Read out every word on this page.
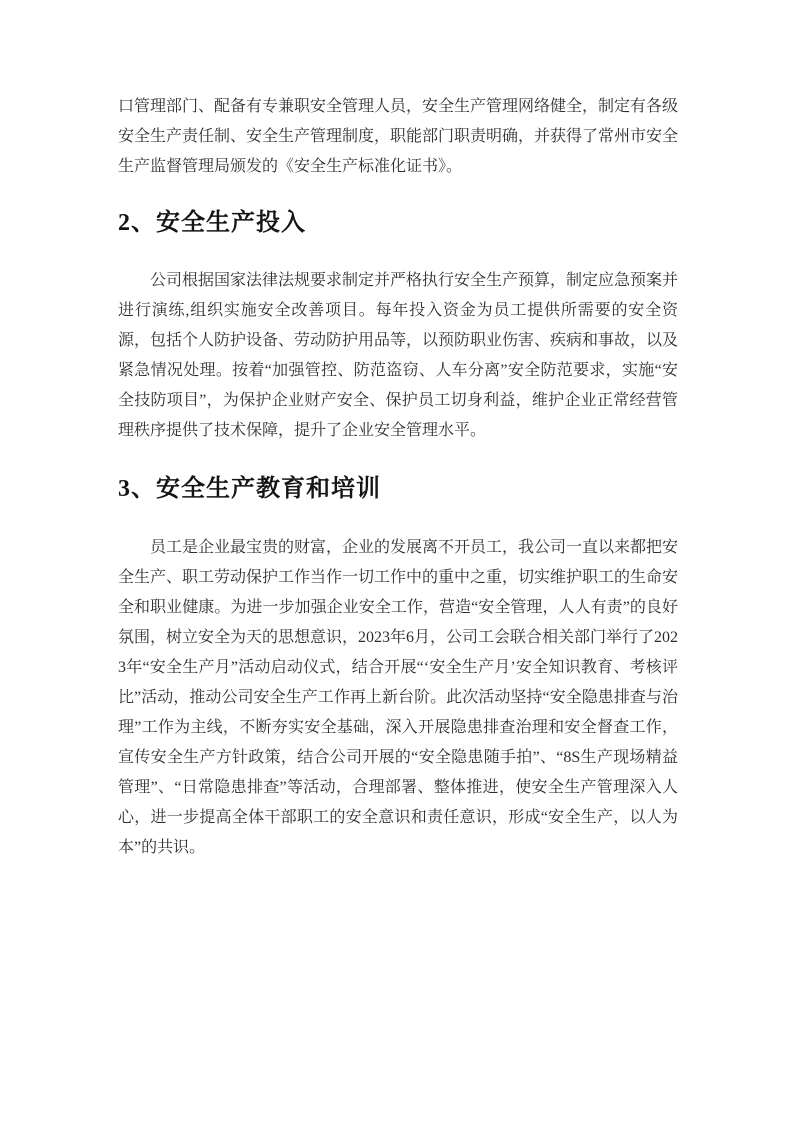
口管理部门、配备有专兼职安全管理人员，安全生产管理网络健全，制定有各级安全生产责任制、安全生产管理制度，职能部门职责明确，并获得了常州市安全生产监督管理局颁发的《安全生产标准化证书》。

2、安全生产投入

公司根据国家法律法规要求制定并严格执行安全生产预算，制定应急预案并进行演练,组织实施安全改善项目。每年投入资金为员工提供所需要的安全资源，包括个人防护设备、劳动防护用品等，以预防职业伤害、疾病和事故，以及紧急情况处理。按着“加强管控、防范盗窃、人车分离”安全防范要求，实施“安全技防项目”，为保护企业财产安全、保护员工切身利益，维护企业正常经营管理秩序提供了技术保障，提升了企业安全管理水平。

3、安全生产教育和培训

员工是企业最宝贵的财富，企业的发展离不开员工，我公司一直以来都把安全生产、职工劳动保护工作当作一切工作中的重中之重，切实维护职工的生命安全和职业健康。为进一步加强企业安全工作，营造“安全管理，人人有责”的良好氛围，树立安全为天的思想意识，2023年6月，公司工会联合相关部门举行了2023年“安全生产月”活动启动仪式，结合开展“‘安全生产月’安全知识教育、考核评比”活动，推动公司安全生产工作再上新台阶。此次活动坚持“安全隐患排查与治理”工作为主线，不断夯实安全基础，深入开展隐患排查治理和安全督查工作，宣传安全生产方针政策，结合公司开展的“安全隐患随手拍”、“8S生产现场精益管理”、“日常隐患排查”等活动，合理部署、整体推进，使安全生产管理深入人心，进一步提高全体干部职工的安全意识和责任意识，形成“安全生产，以人为本”的共识。
